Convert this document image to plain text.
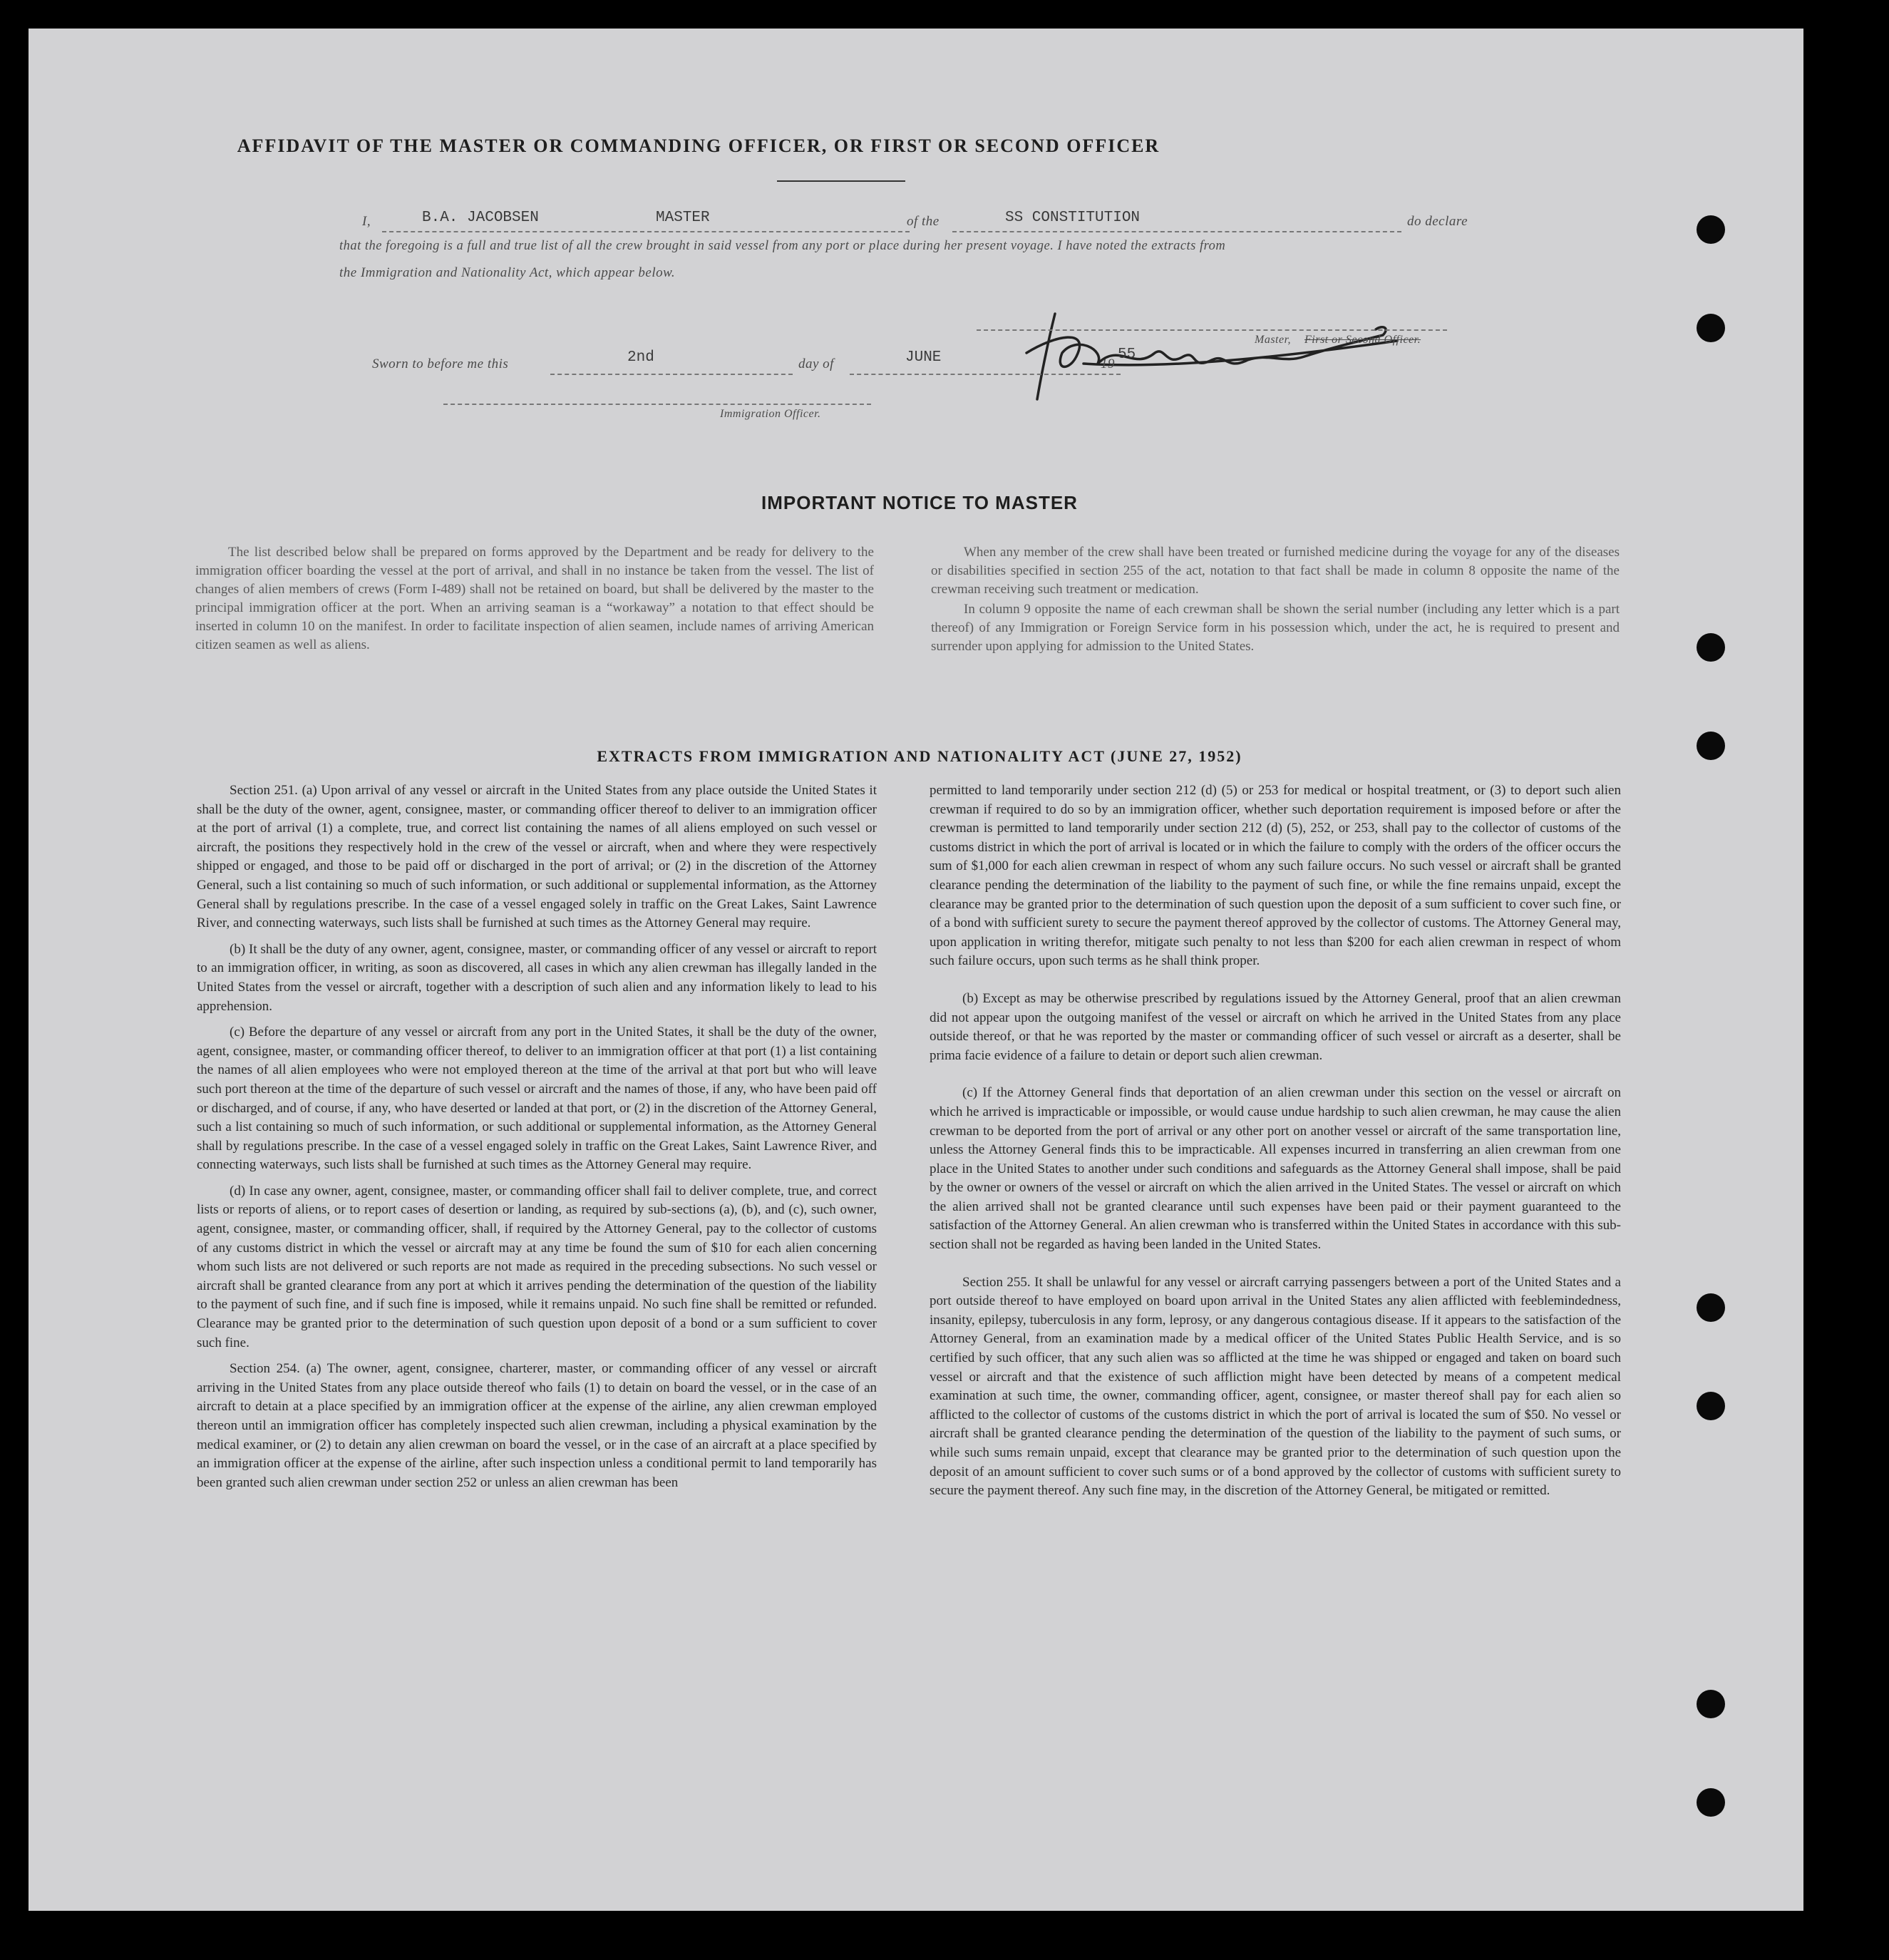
AFFIDAVIT OF THE MASTER OR COMMANDING OFFICER, OR FIRST OR SECOND OFFICER
I,	B.A. JACOBSEN	MASTER	of the	SS CONSTITUTION	do declare
that the foregoing is a full and true list of all the crew brought in said vessel from any port or place during her present voyage. I have noted the extracts from
the Immigration and Nationality Act, which appear below.
Master, First or Second Officer.
Sworn to before me this	2nd	day of	JUNE	19
55
Immigration Officer.
IMPORTANT NOTICE TO MASTER

The list described below shall be prepared on forms approved by the Department and be ready for delivery to the immigration officer boarding the vessel at the port of arrival, and shall in no instance be taken from the vessel. The list of changes of alien members of crews (Form I-489) shall not be retained on board, but shall be delivered by the master to the principal immigration officer at the port. When an arriving seaman is a “workaway” a notation to that effect should be inserted in column 10 on the manifest. In order to facilitate inspection of alien seamen, include names of arriving American citizen seamen as well as aliens.

When any member of the crew shall have been treated or furnished medicine during the voyage for any of the diseases or disabilities specified in section 255 of the act, notation to that fact shall be made in column 8 opposite the name of the crewman receiving such treatment or medication.

In column 9 opposite the name of each crewman shall be shown the serial number (including any letter which is a part thereof) of any Immigration or Foreign Service form in his possession which, under the act, he is required to present and surrender upon applying for admission to the United States.

EXTRACTS FROM IMMIGRATION AND NATIONALITY ACT (JUNE 27, 1952)

Section 251. (a) Upon arrival of any vessel or aircraft in the United States from any place outside the United States it shall be the duty of the owner, agent, consignee, master, or commanding officer thereof to deliver to an immigration officer at the port of arrival (1) a complete, true, and correct list containing the names of all aliens employed on such vessel or aircraft, the positions they respectively hold in the crew of the vessel or aircraft, when and where they were respectively shipped or engaged, and those to be paid off or discharged in the port of arrival; or (2) in the discretion of the Attorney General, such a list containing so much of such information, or such additional or supplemental information, as the Attorney General shall by regulations prescribe. In the case of a vessel engaged solely in traffic on the Great Lakes, Saint Lawrence River, and connecting waterways, such lists shall be furnished at such times as the Attorney General may require.

(b) It shall be the duty of any owner, agent, consignee, master, or commanding officer of any vessel or aircraft to report to an immigration officer, in writing, as soon as discovered, all cases in which any alien crewman has illegally landed in the United States from the vessel or aircraft, together with a description of such alien and any information likely to lead to his apprehension.

(c) Before the departure of any vessel or aircraft from any port in the United States, it shall be the duty of the owner, agent, consignee, master, or commanding officer thereof, to deliver to an immigration officer at that port (1) a list containing the names of all alien employees who were not employed thereon at the time of the arrival at that port but who will leave such port thereon at the time of the departure of such vessel or aircraft and the names of those, if any, who have been paid off or discharged, and of course, if any, who have deserted or landed at that port, or (2) in the discretion of the Attorney General, such a list containing so much of such information, or such additional or supplemental information, as the Attorney General shall by regulations prescribe. In the case of a vessel engaged solely in traffic on the Great Lakes, Saint Lawrence River, and connecting waterways, such lists shall be furnished at such times as the Attorney General may require.

(d) In case any owner, agent, consignee, master, or commanding officer shall fail to deliver complete, true, and correct lists or reports of aliens, or to report cases of desertion or landing, as required by sub-sections (a), (b), and (c), such owner, agent, consignee, master, or commanding officer, shall, if required by the Attorney General, pay to the collector of customs of any customs district in which the vessel or aircraft may at any time be found the sum of $10 for each alien concerning whom such lists are not delivered or such reports are not made as required in the preceding subsections. No such vessel or aircraft shall be granted clearance from any port at which it arrives pending the determination of the question of the liability to the payment of such fine, and if such fine is imposed, while it remains unpaid. No such fine shall be remitted or refunded. Clearance may be granted prior to the determination of such question upon deposit of a bond or a sum sufficient to cover such fine.

Section 254. (a) The owner, agent, consignee, charterer, master, or commanding officer of any vessel or aircraft arriving in the United States from any place outside thereof who fails (1) to detain on board the vessel, or in the case of an aircraft to detain at a place specified by an immigration officer at the expense of the airline, any alien crewman employed thereon until an immigration officer has completely inspected such alien crewman, including a physical examination by the medical examiner, or (2) to detain any alien crewman on board the vessel, or in the case of an aircraft at a place specified by an immigration officer at the expense of the airline, after such inspection unless a conditional permit to land temporarily has been granted such alien crewman under section 252 or unless an alien crewman has been

permitted to land temporarily under section 212 (d) (5) or 253 for medical or hospital treatment, or (3) to deport such alien crewman if required to do so by an immigration officer, whether such deportation requirement is imposed before or after the crewman is permitted to land temporarily under section 212 (d) (5), 252, or 253, shall pay to the collector of customs of the customs district in which the port of arrival is located or in which the failure to comply with the orders of the officer occurs the sum of $1,000 for each alien crewman in respect of whom any such failure occurs. No such vessel or aircraft shall be granted clearance pending the determination of the liability to the payment of such fine, or while the fine remains unpaid, except the clearance may be granted prior to the determination of such question upon the deposit of a sum sufficient to cover such fine, or of a bond with sufficient surety to secure the payment thereof approved by the collector of customs. The Attorney General may, upon application in writing therefor, mitigate such penalty to not less than $200 for each alien crewman in respect of whom such failure occurs, upon such terms as he shall think proper.

(b) Except as may be otherwise prescribed by regulations issued by the Attorney General, proof that an alien crewman did not appear upon the outgoing manifest of the vessel or aircraft on which he arrived in the United States from any place outside thereof, or that he was reported by the master or commanding officer of such vessel or aircraft as a deserter, shall be prima facie evidence of a failure to detain or deport such alien crewman.

(c) If the Attorney General finds that deportation of an alien crewman under this section on the vessel or aircraft on which he arrived is impracticable or impossible, or would cause undue hardship to such alien crewman, he may cause the alien crewman to be deported from the port of arrival or any other port on another vessel or aircraft of the same transportation line, unless the Attorney General finds this to be impracticable. All expenses incurred in transferring an alien crewman from one place in the United States to another under such conditions and safeguards as the Attorney General shall impose, shall be paid by the owner or owners of the vessel or aircraft on which the alien arrived in the United States. The vessel or aircraft on which the alien arrived shall not be granted clearance until such expenses have been paid or their payment guaranteed to the satisfaction of the Attorney General. An alien crewman who is transferred within the United States in accordance with this sub-section shall not be regarded as having been landed in the United States.

Section 255. It shall be unlawful for any vessel or aircraft carrying passengers between a port of the United States and a port outside thereof to have employed on board upon arrival in the United States any alien afflicted with feeblemindedness, insanity, epilepsy, tuberculosis in any form, leprosy, or any dangerous contagious disease. If it appears to the satisfaction of the Attorney General, from an examination made by a medical officer of the United States Public Health Service, and is so certified by such officer, that any such alien was so afflicted at the time he was shipped or engaged and taken on board such vessel or aircraft and that the existence of such affliction might have been detected by means of a competent medical examination at such time, the owner, commanding officer, agent, consignee, or master thereof shall pay for each alien so afflicted to the collector of customs of the customs district in which the port of arrival is located the sum of $50. No vessel or aircraft shall be granted clearance pending the determination of the question of the liability to the payment of such sums, or while such sums remain unpaid, except that clearance may be granted prior to the determination of such question upon the deposit of an amount sufficient to cover such sums or of a bond approved by the collector of customs with sufficient surety to secure the payment thereof. Any such fine may, in the discretion of the Attorney General, be mitigated or remitted.
